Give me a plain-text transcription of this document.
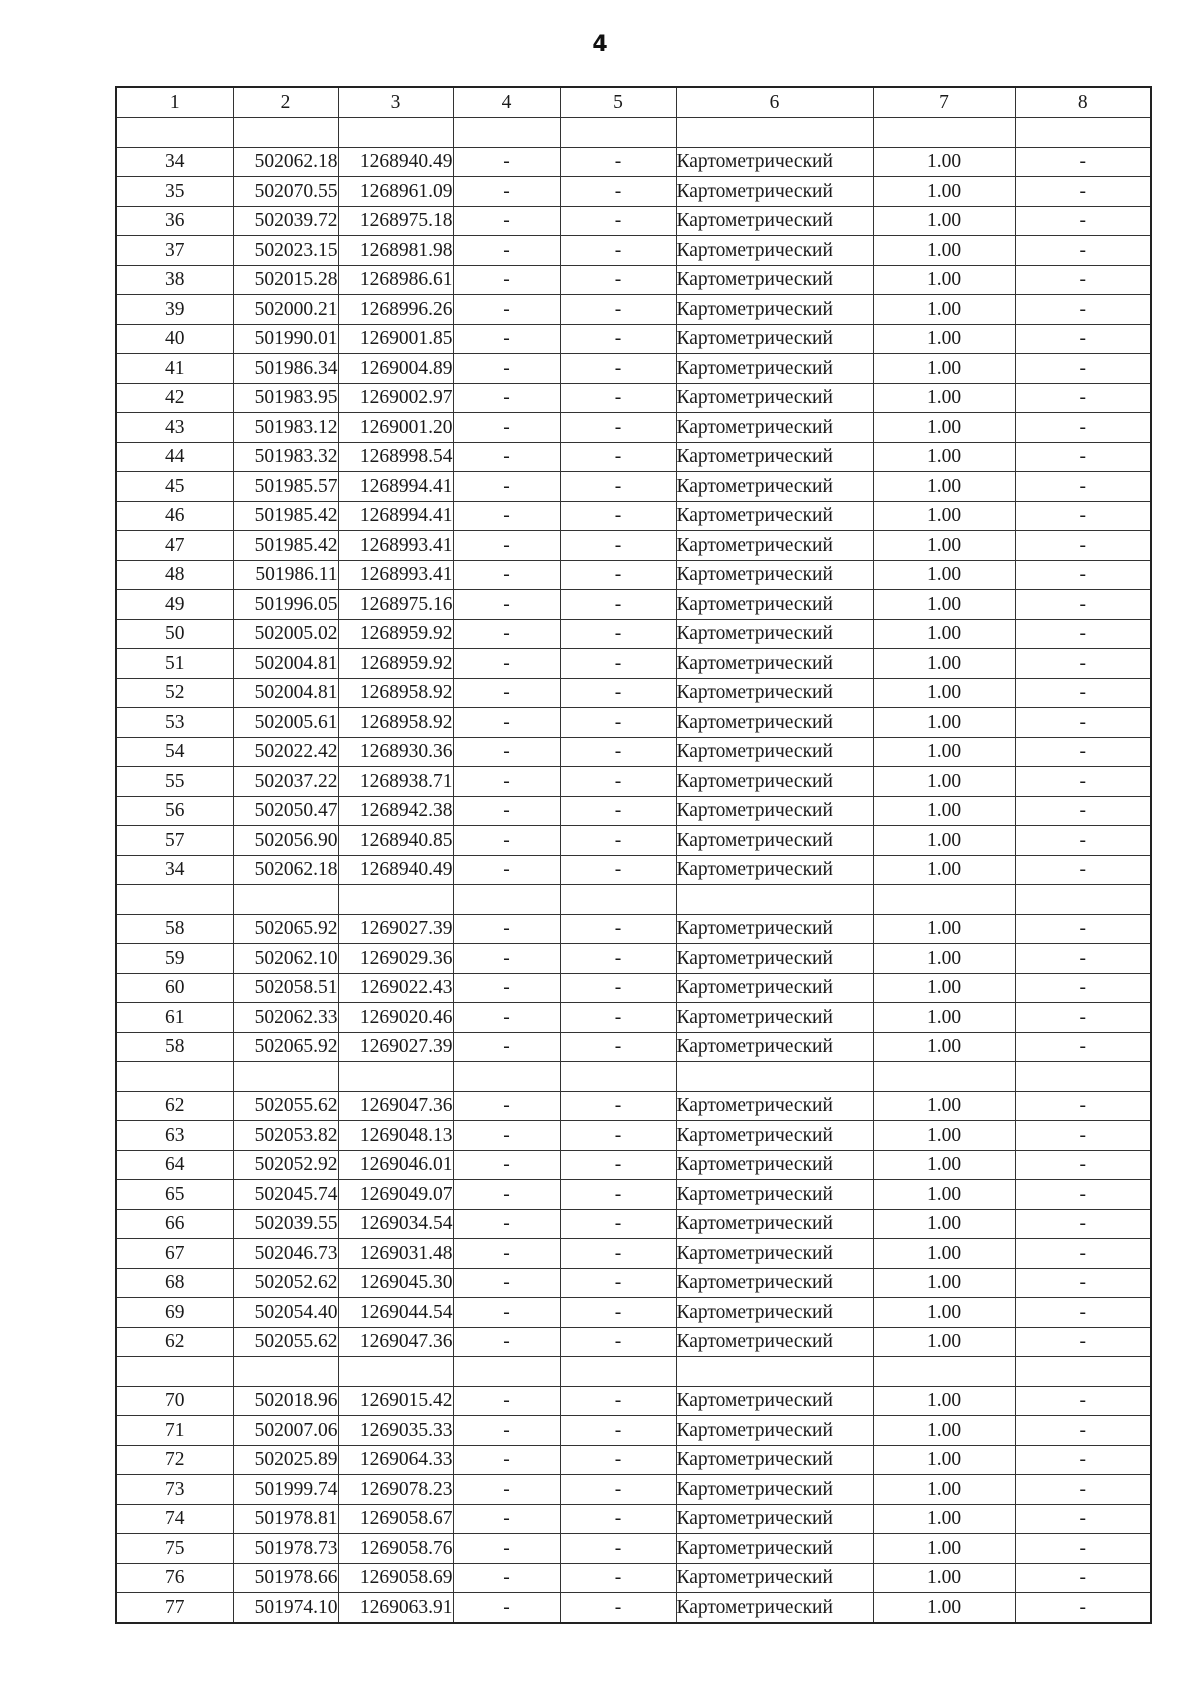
4
1	2	3	4	5	6	7	8

34	502062.18	1268940.49	-	-	Картометрический	1.00	-
35	502070.55	1268961.09	-	-	Картометрический	1.00	-
36	502039.72	1268975.18	-	-	Картометрический	1.00	-
37	502023.15	1268981.98	-	-	Картометрический	1.00	-
38	502015.28	1268986.61	-	-	Картометрический	1.00	-
39	502000.21	1268996.26	-	-	Картометрический	1.00	-
40	501990.01	1269001.85	-	-	Картометрический	1.00	-
41	501986.34	1269004.89	-	-	Картометрический	1.00	-
42	501983.95	1269002.97	-	-	Картометрический	1.00	-
43	501983.12	1269001.20	-	-	Картометрический	1.00	-
44	501983.32	1268998.54	-	-	Картометрический	1.00	-
45	501985.57	1268994.41	-	-	Картометрический	1.00	-
46	501985.42	1268994.41	-	-	Картометрический	1.00	-
47	501985.42	1268993.41	-	-	Картометрический	1.00	-
48	501986.11	1268993.41	-	-	Картометрический	1.00	-
49	501996.05	1268975.16	-	-	Картометрический	1.00	-
50	502005.02	1268959.92	-	-	Картометрический	1.00	-
51	502004.81	1268959.92	-	-	Картометрический	1.00	-
52	502004.81	1268958.92	-	-	Картометрический	1.00	-
53	502005.61	1268958.92	-	-	Картометрический	1.00	-
54	502022.42	1268930.36	-	-	Картометрический	1.00	-
55	502037.22	1268938.71	-	-	Картометрический	1.00	-
56	502050.47	1268942.38	-	-	Картометрический	1.00	-
57	502056.90	1268940.85	-	-	Картометрический	1.00	-
34	502062.18	1268940.49	-	-	Картометрический	1.00	-

58	502065.92	1269027.39	-	-	Картометрический	1.00	-
59	502062.10	1269029.36	-	-	Картометрический	1.00	-
60	502058.51	1269022.43	-	-	Картометрический	1.00	-
61	502062.33	1269020.46	-	-	Картометрический	1.00	-
58	502065.92	1269027.39	-	-	Картометрический	1.00	-

62	502055.62	1269047.36	-	-	Картометрический	1.00	-
63	502053.82	1269048.13	-	-	Картометрический	1.00	-
64	502052.92	1269046.01	-	-	Картометрический	1.00	-
65	502045.74	1269049.07	-	-	Картометрический	1.00	-
66	502039.55	1269034.54	-	-	Картометрический	1.00	-
67	502046.73	1269031.48	-	-	Картометрический	1.00	-
68	502052.62	1269045.30	-	-	Картометрический	1.00	-
69	502054.40	1269044.54	-	-	Картометрический	1.00	-
62	502055.62	1269047.36	-	-	Картометрический	1.00	-

70	502018.96	1269015.42	-	-	Картометрический	1.00	-
71	502007.06	1269035.33	-	-	Картометрический	1.00	-
72	502025.89	1269064.33	-	-	Картометрический	1.00	-
73	501999.74	1269078.23	-	-	Картометрический	1.00	-
74	501978.81	1269058.67	-	-	Картометрический	1.00	-
75	501978.73	1269058.76	-	-	Картометрический	1.00	-
76	501978.66	1269058.69	-	-	Картометрический	1.00	-
77	501974.10	1269063.91	-	-	Картометрический	1.00	-
